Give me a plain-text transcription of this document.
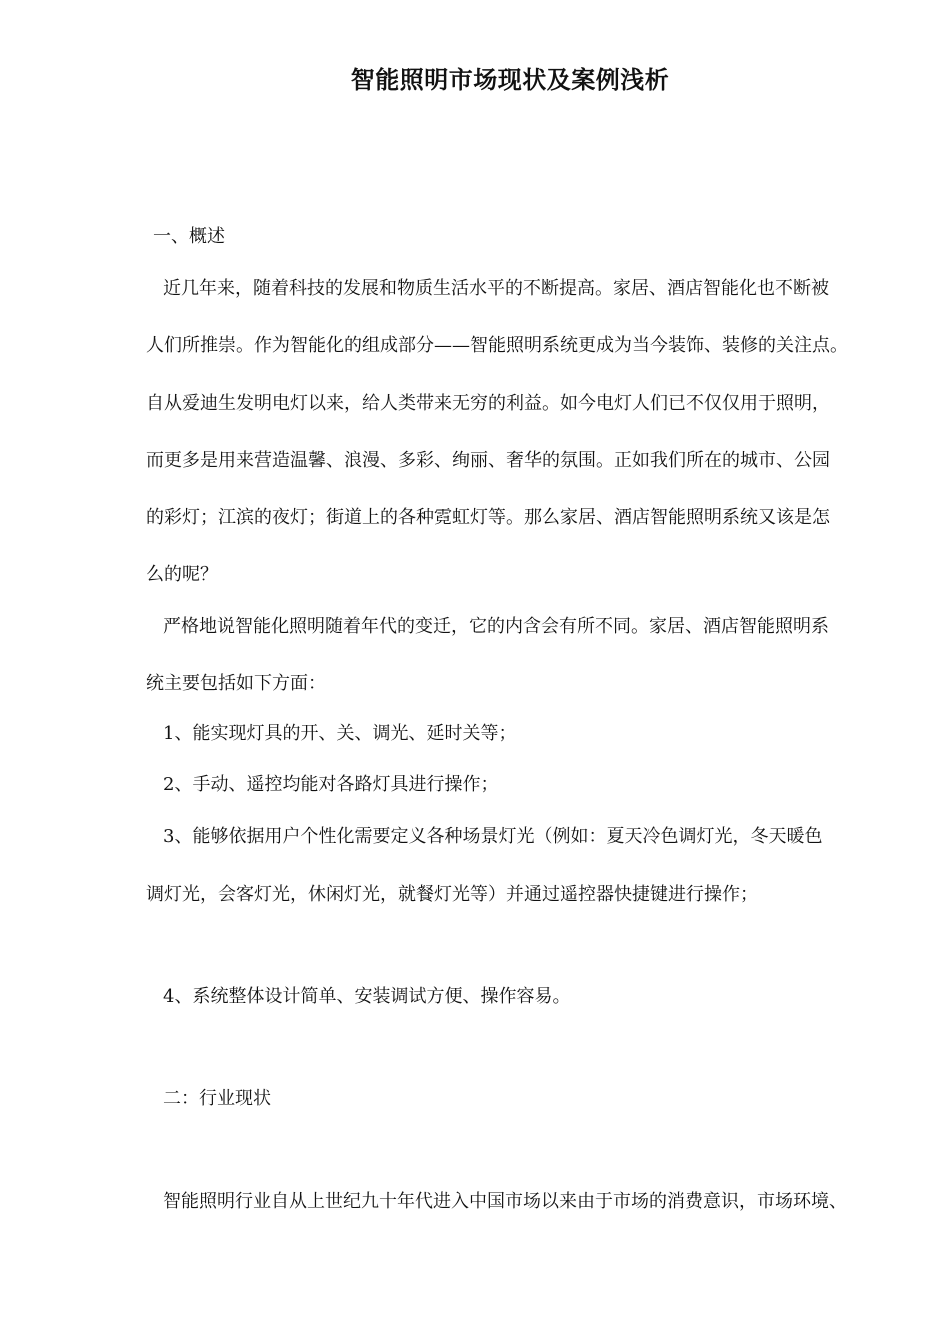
智能照明市场现状及案例浅析
一、概述
近几年来，随着科技的发展和物质生活水平的不断提高。家居、酒店智能化也不断被
人们所推崇。作为智能化的组成部分——智能照明系统更成为当今装饰、装修的关注点。
自从爱迪生发明电灯以来，给人类带来无穷的利益。如今电灯人们已不仅仅用于照明，
而更多是用来营造温馨、浪漫、多彩、绚丽、奢华的氛围。正如我们所在的城市、公园
的彩灯；江滨的夜灯；街道上的各种霓虹灯等。那么家居、酒店智能照明系统又该是怎
么的呢？
严格地说智能化照明随着年代的变迁，它的内含会有所不同。家居、酒店智能照明系
统主要包括如下方面：
1、能实现灯具的开、关、调光、延时关等；
2、手动、遥控均能对各路灯具进行操作；
3、能够依据用户个性化需要定义各种场景灯光（例如：夏天冷色调灯光，冬天暖色
调灯光，会客灯光，休闲灯光，就餐灯光等）并通过遥控器快捷键进行操作；
4、系统整体设计简单、安装调试方便、操作容易。
二：行业现状
智能照明行业自从上世纪九十年代进入中国市场以来由于市场的消费意识，市场环境、
